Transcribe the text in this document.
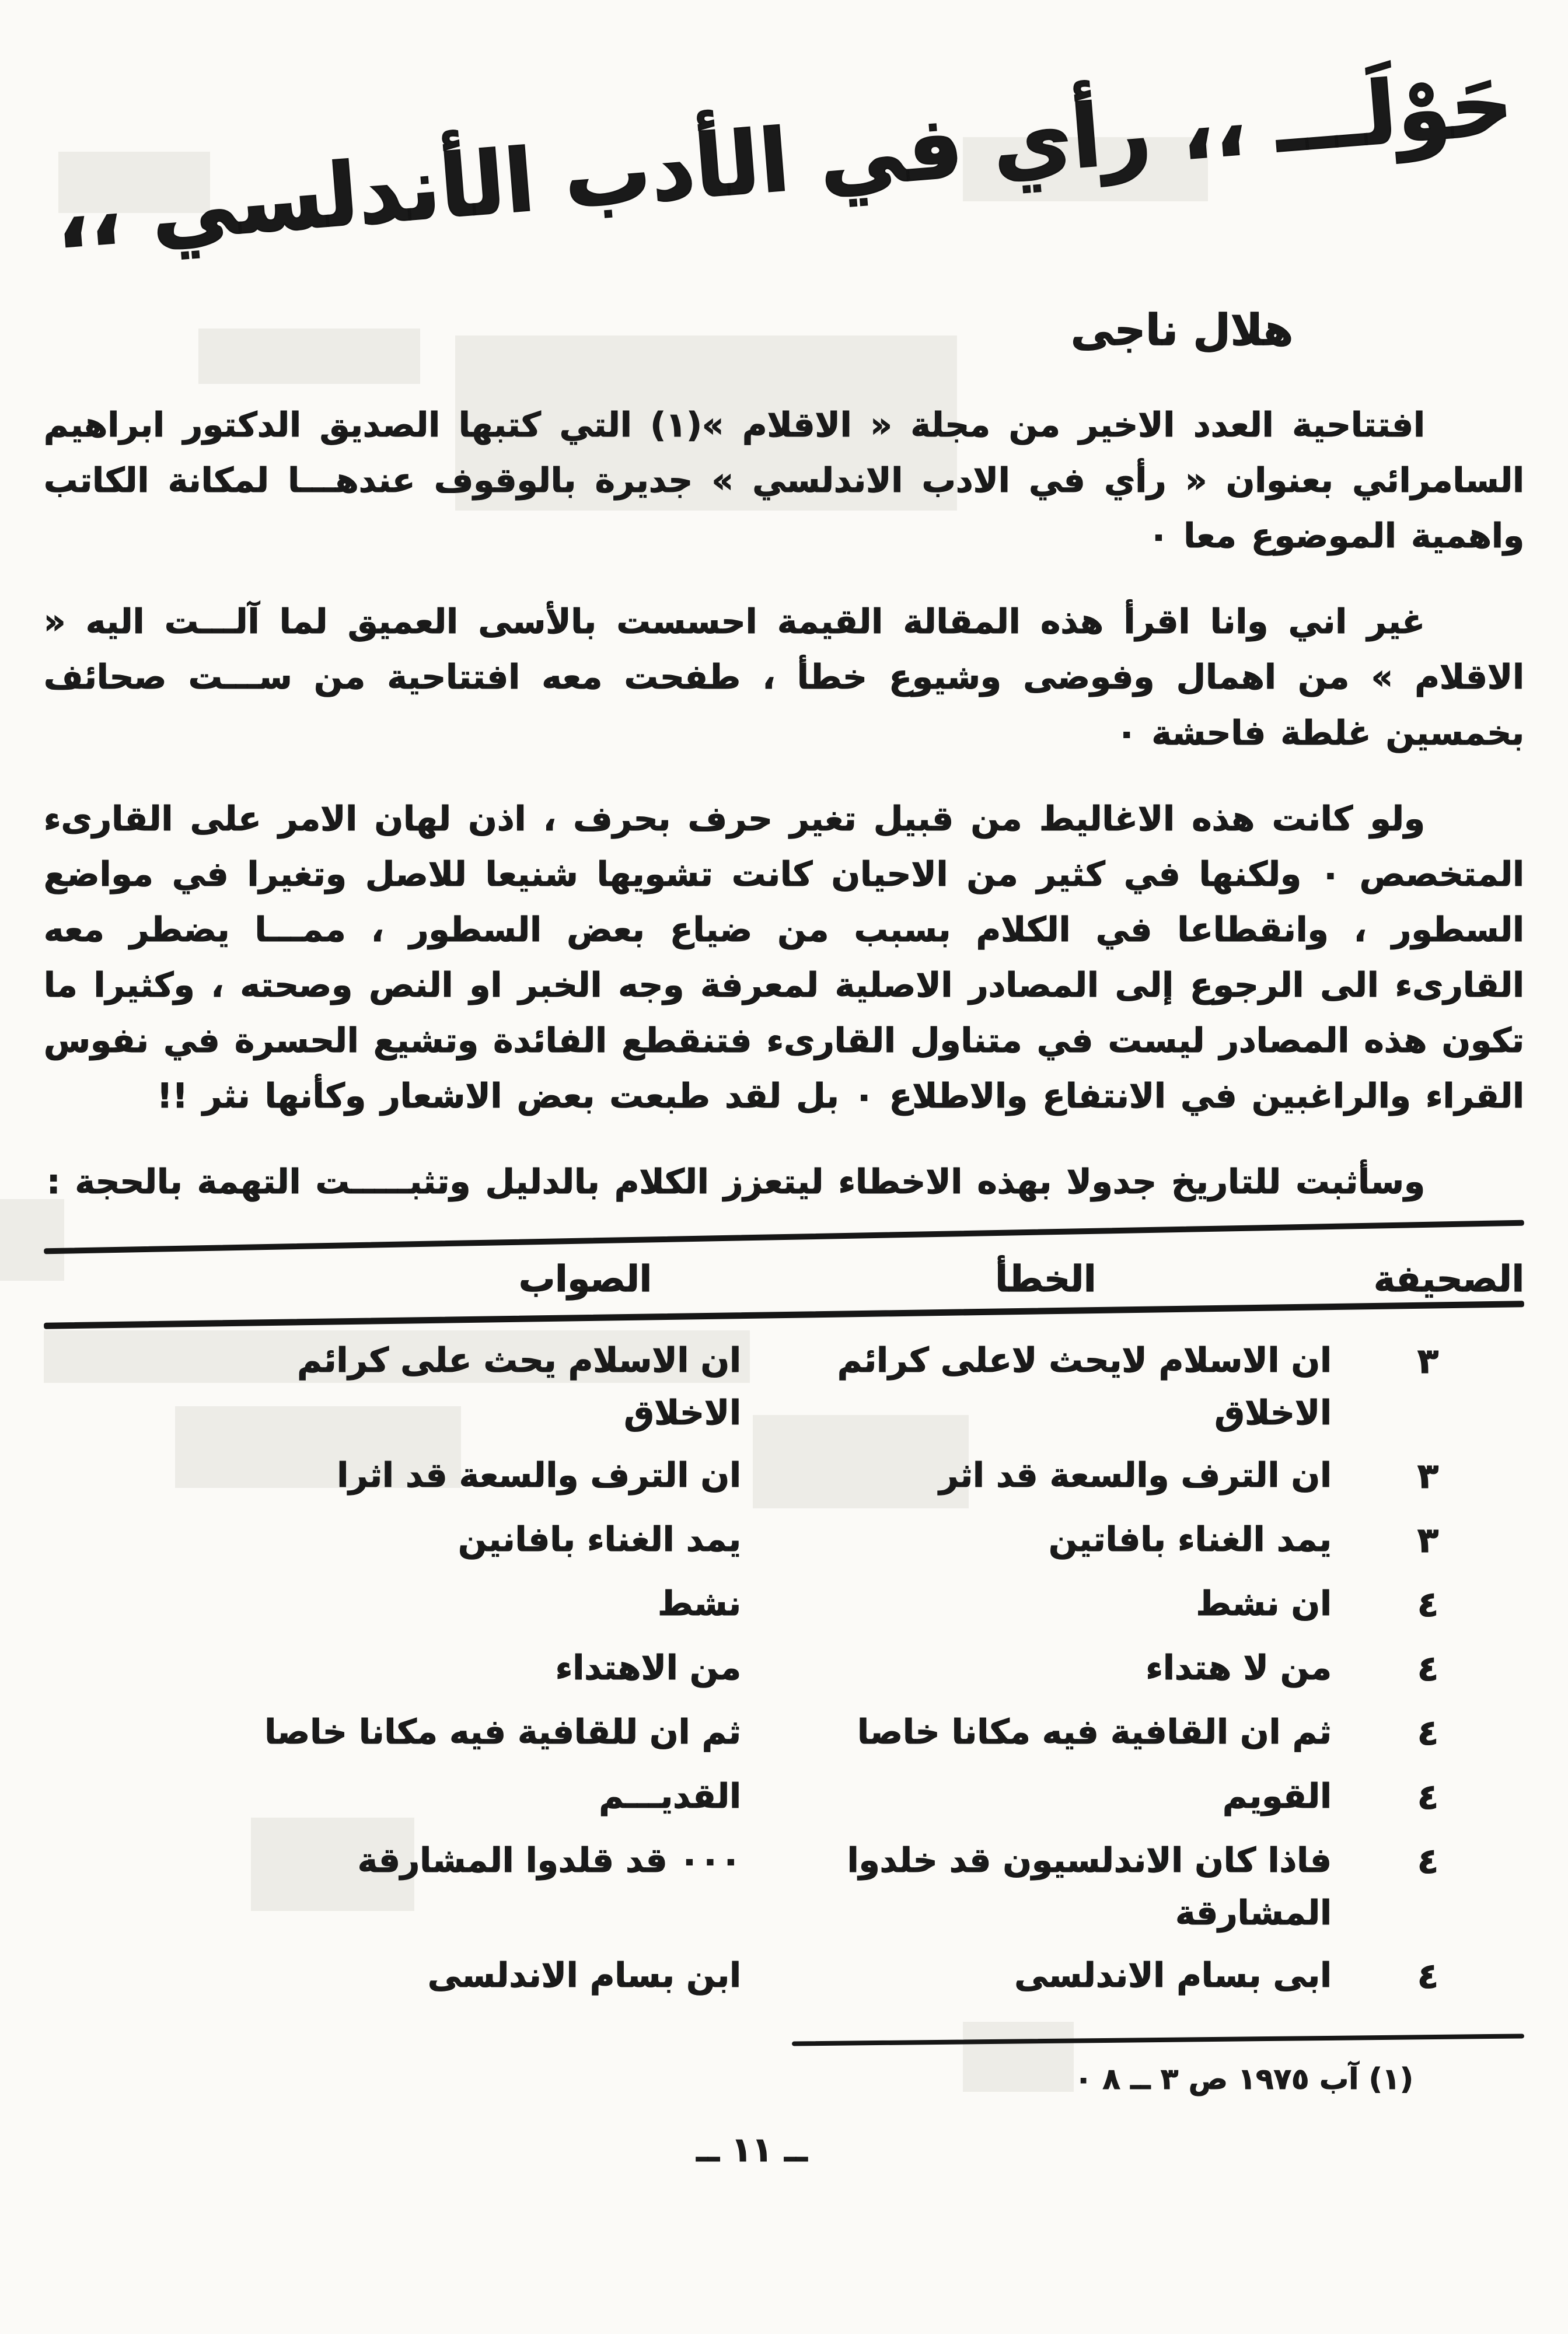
حَوْلَـــ ،، رأي في الأدب الأندلسي ،،
هلال ناجى

افتتاحية العدد الاخير من مجلة « الاقلام »(١) التي كتبها الصديق الدكتور ابراهيم السامرائي بعنوان « رأي في الادب الاندلسي » جديرة بالوقوف عندهـــا لمكانة الكاتب واهمية الموضوع معا ٠

غير اني وانا اقرأ هذه المقالة القيمة احسست بالأسى العميق لما آلـــت اليه « الاقلام » من اهمال وفوضى وشيوع خطأ ، طفحت معه افتتاحية من ســـت صحائف بخمسين غلطة فاحشة ٠

ولو كانت هذه الاغاليط من قبيل تغير حرف بحرف ، اذن لهان الامر على القارىء المتخصص ٠ ولكنها في كثير من الاحيان كانت تشويها شنيعا للاصل وتغيرا في مواضع السطور ، وانقطاعا في الكلام بسبب من ضياع بعض السطور ، ممـــا يضطر معه القارىء الى الرجوع إلى المصادر الاصلية لمعرفة وجه الخبر او النص وصحته ، وكثيرا ما تكون هذه المصادر ليست في متناول القارىء فتنقطع الفائدة وتشيع الحسرة في نفوس القراء والراغبين في الانتفاع والاطلاع ٠ بل لقد طبعت بعض الاشعار وكأنها نثر !!

وسأثبت للتاريخ جدولا بهذه الاخطاء ليتعزز الكلام بالدليل وتثبـــــت التهمة بالحجة :

الصحيفة
الخطأ
الصواب
٣
ان الاسلام لايحث لاعلى كرائم الاخلاق
ان الاسلام يحث على كرائم الاخلاق
٣
ان الترف والسعة قد اثر
ان الترف والسعة قد اثرا
٣
يمد الغناء بافاتين
يمد الغناء بافانين
٤
ان نشط
نشط
٤
من لا هتداء
من الاهتداء
٤
ثم ان القافية فيه مكانا خاصا
ثم ان للقافية فيه مكانا خاصا
٤
القويم
القديـــم
٤
فاذا كان الاندلسيون قد خلدوا المشارقة
٠٠٠ قد قلدوا المشارقة
٤
ابى بسام الاندلسى
ابن بسام الاندلسى
(١) آب ١٩٧٥ ص ٣ ــ ٨ ٠
ــ ١١ ــ
